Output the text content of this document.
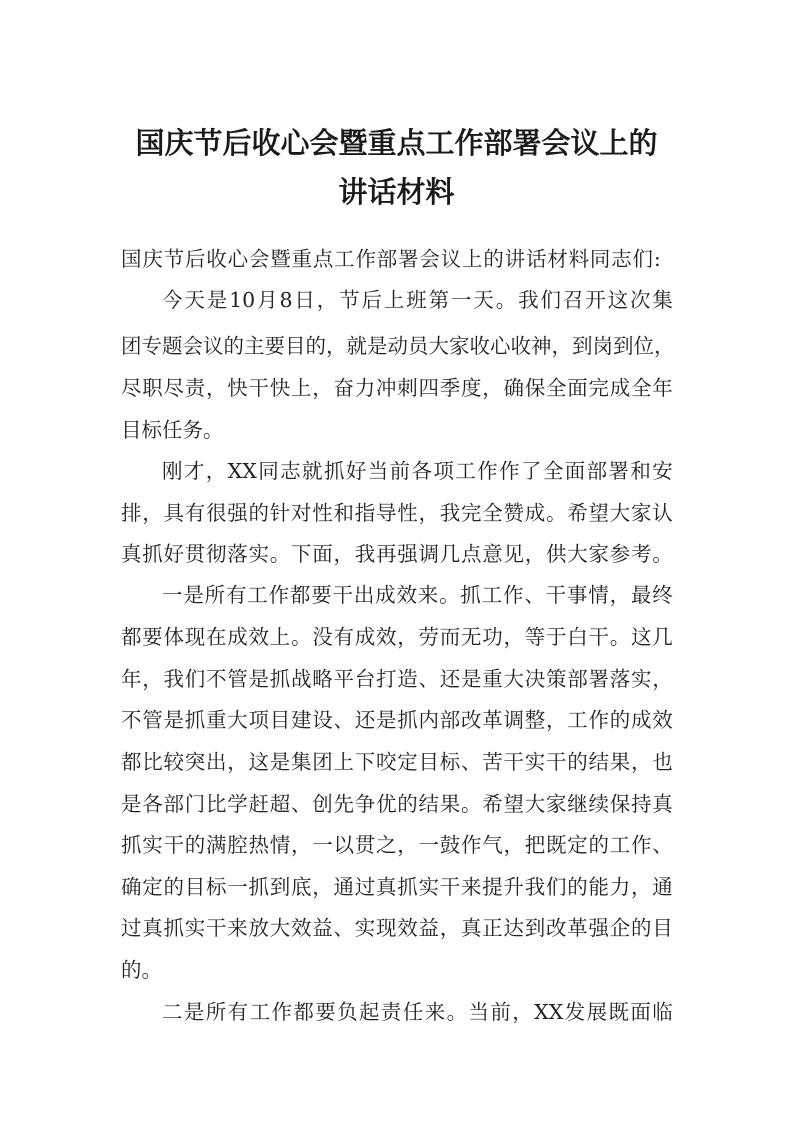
国庆节后收心会暨重点工作部署会议上的
讲话材料
国 庆 节 后 收 心 会 暨 重 点 工 作 部 署 会 议 上 的 讲 话 材 料 同 志 们 :
今 天 是 10 月 8 日 ， 节 后 上 班 第 一 天 。 我 们 召 开 这 次 集
团 专 题 会 议 的 主 要 目 的 ， 就 是 动 员 大 家 收 心 收 神 ， 到 岗 到 位 ，
尽 职 尽 责 ， 快 干 快 上 ， 奋 力 冲 刺 四 季 度 ， 确 保 全 面 完 成 全 年
目 标 任 务 。
刚 才 ， XX 同 志 就 抓 好 当 前 各 项 工 作 作 了 全 面 部 署 和 安
排 ， 具 有 很 强 的 针 对 性 和 指 导 性 ， 我 完 全 赞 成 。 希 望 大 家 认
真 抓 好 贯 彻 落 实 。 下 面 ， 我 再 强 调 几 点 意 见 ， 供 大 家 参 考 。
一 是 所 有 工 作 都 要 干 出 成 效 来 。 抓 工 作 、 干 事 情 ， 最 终
都 要 体 现 在 成 效 上 。 没 有 成 效 ， 劳 而 无 功 ， 等 于 白 干 。 这 几
年 ， 我 们 不 管 是 抓 战 略 平 台 打 造 、 还 是 重 大 决 策 部 署 落 实 ，
不 管 是 抓 重 大 项 目 建 设 、 还 是 抓 内 部 改 革 调 整 ， 工 作 的 成 效
都 比 较 突 出 ， 这 是 集 团 上 下 咬 定 目 标 、 苦 干 实 干 的 结 果 ， 也
是 各 部 门 比 学 赶 超 、 创 先 争 优 的 结 果 。 希 望 大 家 继 续 保 持 真
抓 实 干 的 满 腔 热 情 ， 一 以 贯 之 ， 一 鼓 作 气 ， 把 既 定 的 工 作 、
确 定 的 目 标 一 抓 到 底 ， 通 过 真 抓 实 干 来 提 升 我 们 的 能 力 ， 通
过 真 抓 实 干 来 放 大 效 益 、 实 现 效 益 ， 真 正 达 到 改 革 强 企 的 目
的 。
二 是 所 有 工 作 都 要 负 起 责 任 来 。 当 前 ， XX 发 展 既 面 临
